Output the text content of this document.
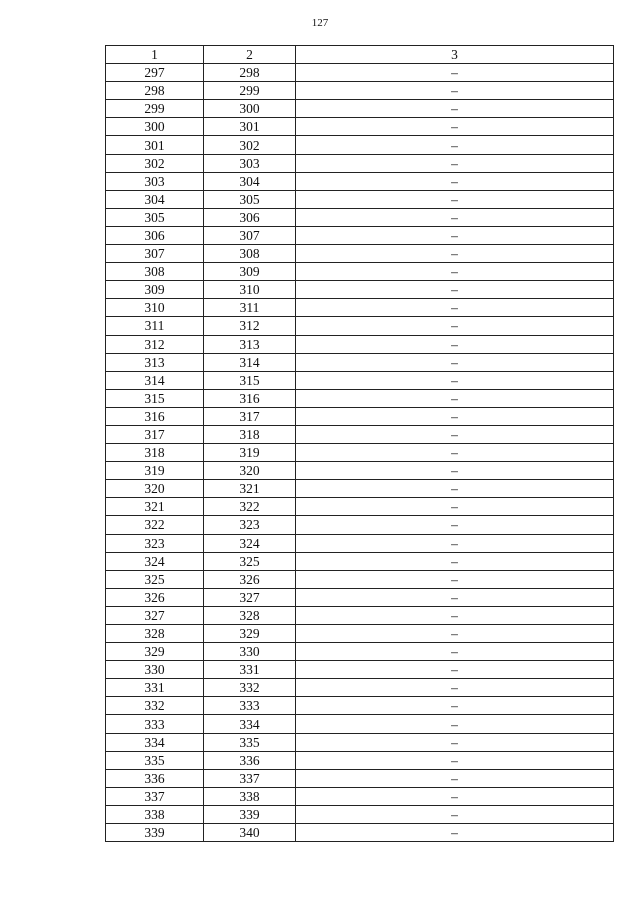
127
1	2	3
297	298	–
298	299	–
299	300	–
300	301	–
301	302	–
302	303	–
303	304	–
304	305	–
305	306	–
306	307	–
307	308	–
308	309	–
309	310	–
310	311	–
311	312	–
312	313	–
313	314	–
314	315	–
315	316	–
316	317	–
317	318	–
318	319	–
319	320	–
320	321	–
321	322	–
322	323	–
323	324	–
324	325	–
325	326	–
326	327	–
327	328	–
328	329	–
329	330	–
330	331	–
331	332	–
332	333	–
333	334	–
334	335	–
335	336	–
336	337	–
337	338	–
338	339	–
339	340	–
